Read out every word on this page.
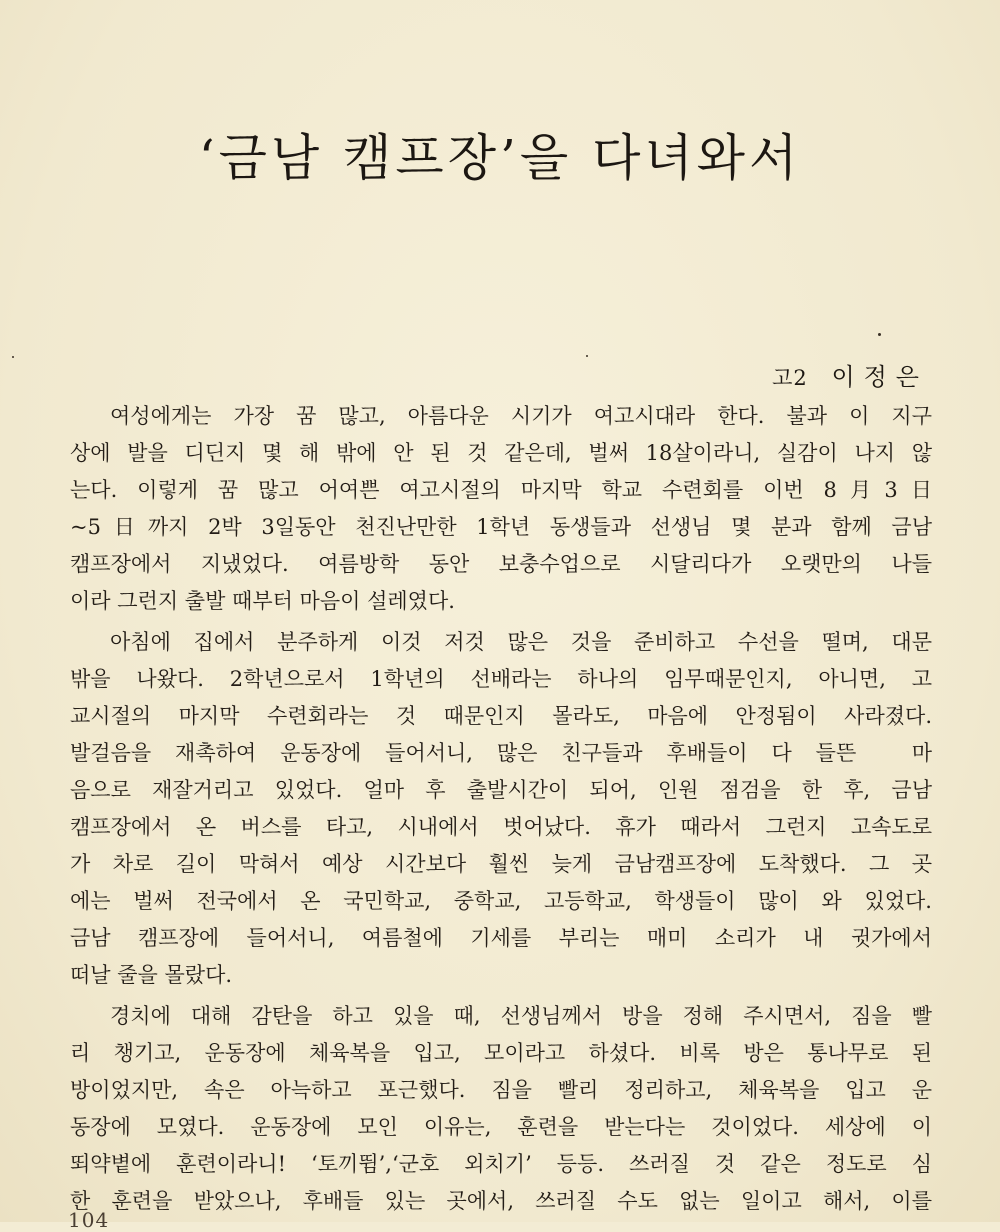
‘금남 캠프장’을 다녀와서
고2 이정은

여성에게는 가장 꿈 많고, 아름다운 시기가 여고시대라 한다. 불과 이 지구
상에 발을 디딘지 몇 해 밖에 안 된 것 같은데, 벌써 18살이라니, 실감이 나지 않
는다. 이렇게 꿈 많고 어여쁜 여고시절의 마지막 학교 수련회를 이번 8月3日
~5日까지 2박 3일동안 천진난만한 1학년 동생들과 선생님 몇 분과 함께 금남
캠프장에서 지냈었다. 여름방학 동안 보충수업으로 시달리다가 오랫만의 나들
이라 그런지 출발 때부터 마음이 설레였다.

아침에 집에서 분주하게 이것 저것 많은 것을 준비하고 수선을 떨며, 대문
밖을 나왔다. 2학년으로서 1학년의 선배라는 하나의 임무때문인지, 아니면, 고
교시절의 마지막 수련회라는 것 때문인지 몰라도, 마음에 안정됨이 사라졌다.
발걸음을 재촉하여 운동장에 들어서니, 많은 친구들과 후배들이 다 들뜬　마
음으로 재잘거리고 있었다. 얼마 후 출발시간이 되어, 인원 점검을 한 후, 금남
캠프장에서 온 버스를 타고, 시내에서 벗어났다. 휴가 때라서 그런지 고속도로
가 차로 길이 막혀서 예상 시간보다 훨씬 늦게 금남캠프장에 도착했다. 그 곳
에는 벌써 전국에서 온 국민학교, 중학교, 고등학교, 학생들이 많이 와 있었다.
금남 캠프장에 들어서니, 여름철에 기세를 부리는 매미 소리가 내 귓가에서
떠날 줄을 몰랐다.

경치에 대해 감탄을 하고 있을 때, 선생님께서 방을 정해 주시면서, 짐을 빨
리 챙기고, 운동장에 체육복을 입고, 모이라고 하셨다. 비록 방은 통나무로 된
방이었지만, 속은 아늑하고 포근했다. 짐을 빨리 정리하고, 체육복을 입고 운
동장에 모였다. 운동장에 모인 이유는, 훈련을 받는다는 것이었다. 세상에 이
뙤약볕에 훈련이라니! ‘토끼뜀’,‘군호 외치기’ 등등. 쓰러질 것 같은 정도로 심
한 훈련을 받았으나, 후배들 있는 곳에서, 쓰러질 수도 없는 일이고 해서, 이를

104
